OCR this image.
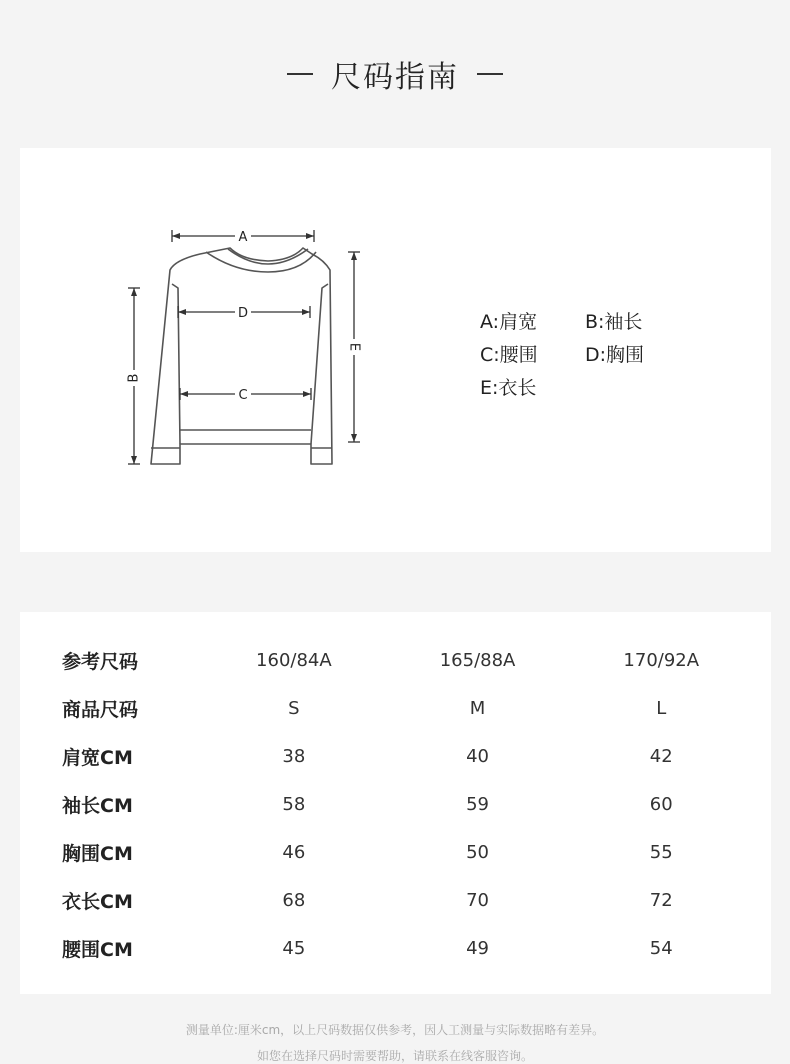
尺码指南
A
D
C
B
E
A:肩宽	B:袖长
C:腰围	D:胸围
E:衣长
参考尺码	160/84A	165/88A	170/92A
商品尺码	S	M	L
肩宽CM	38	40	42
袖长CM	58	59	60
胸围CM	46	50	55
衣长CM	68	70	72
腰围CM	45	49	54
测量单位:厘米cm，以上尺码数据仅供参考，因人工测量与实际数据略有差异。
如您在选择尺码时需要帮助，请联系在线客服咨询。
